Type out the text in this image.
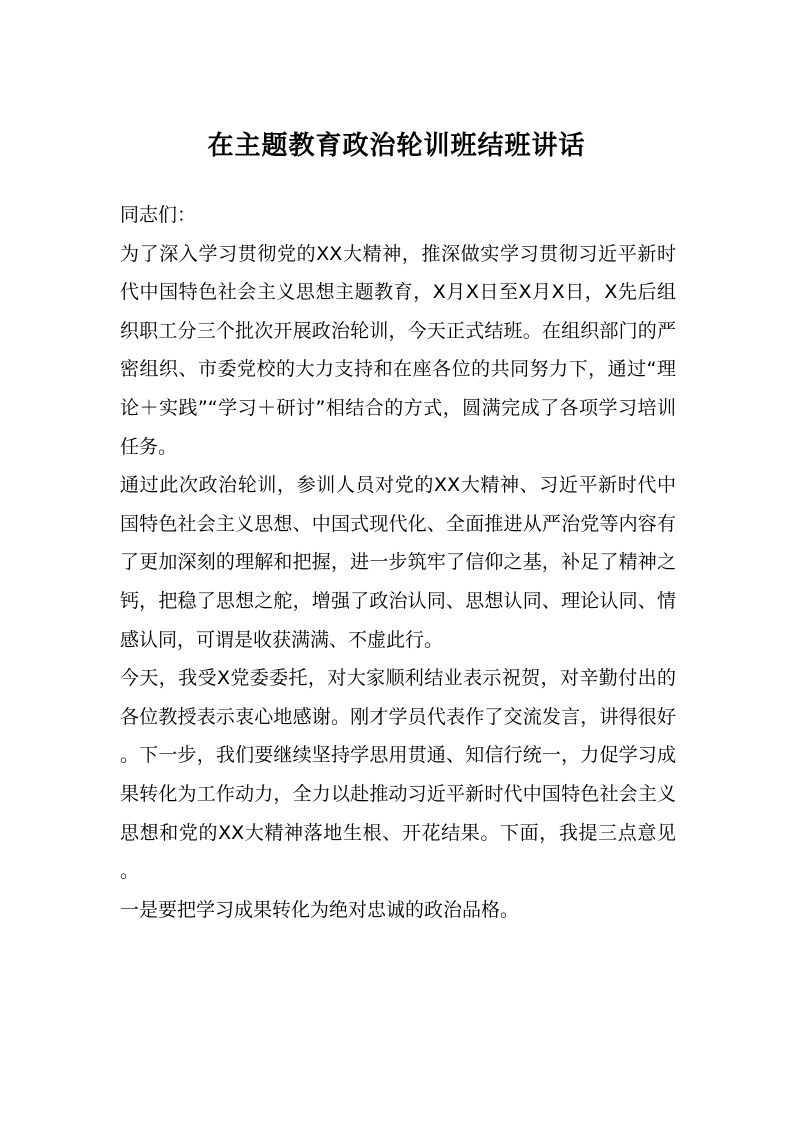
在主题教育政治轮训班结班讲话

同志们：

为了深入学习贯彻党的XX大精神，推深做实学习贯彻习近平新时代中国特色社会主义思想主题教育，X月X日至X月X日，X先后组织职工分三个批次开展政治轮训，今天正式结班。在组织部门的严密组织、市委党校的大力支持和在座各位的共同努力下，通过“理论＋实践”“学习＋研讨”相结合的方式，圆满完成了各项学习培训任务。

通过此次政治轮训，参训人员对党的XX大精神、习近平新时代中国特色社会主义思想、中国式现代化、全面推进从严治党等内容有了更加深刻的理解和把握，进一步筑牢了信仰之基，补足了精神之钙，把稳了思想之舵，增强了政治认同、思想认同、理论认同、情感认同，可谓是收获满满、不虚此行。

今天，我受X党委委托，对大家顺利结业表示祝贺，对辛勤付出的各位教授表示衷心地感谢。刚才学员代表作了交流发言，讲得很好。下一步，我们要继续坚持学思用贯通、知信行统一，力促学习成果转化为工作动力，全力以赴推动习近平新时代中国特色社会主义思想和党的XX大精神落地生根、开花结果。下面，我提三点意见。

一是要把学习成果转化为绝对忠诚的政治品格。
